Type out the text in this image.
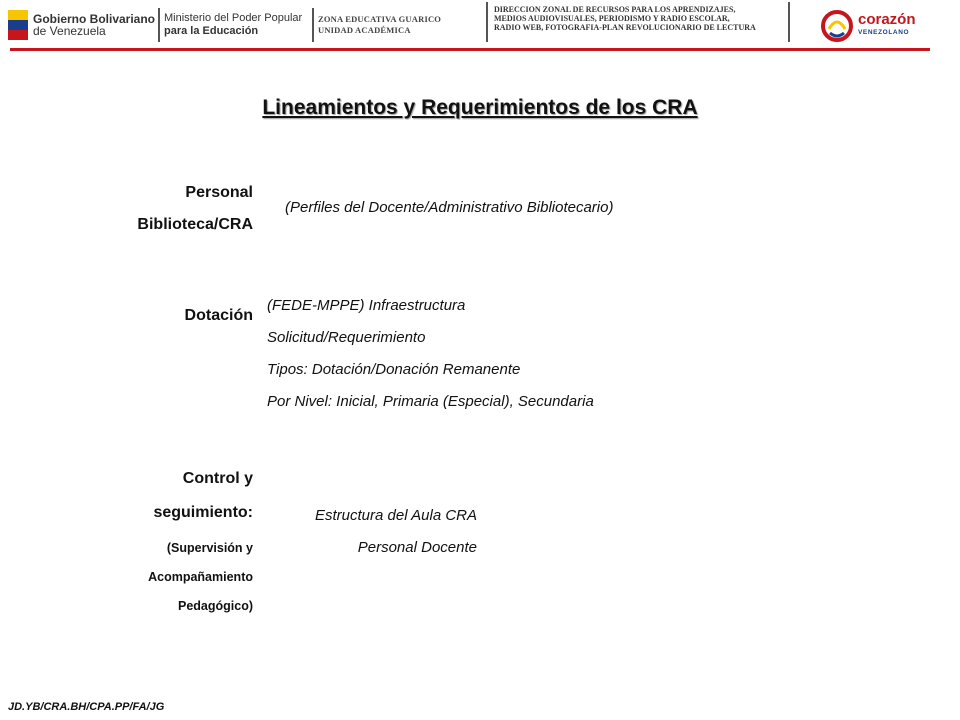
Gobierno Bolivariano
de Venezuela
Ministerio del Poder Popular
para la Educación
ZONA EDUCATIVA GUARICO
UNIDAD ACADÉMICA
DIRECCION ZONAL DE RECURSOS PARA LOS APRENDIZAJES,
MEDIOS AUDIOVISUALES, PERIODISMO Y RADIO ESCOLAR,
RADIO WEB, FOTOGRAFIA-PLAN REVOLUCIONARIO DE LECTURA	corazón
VENEZOLANO
Lineamientos y Requerimientos de los CRA
Personal
Biblioteca/CRA
(Perfiles del Docente/Administrativo Bibliotecario)
Dotación
(FEDE-MPPE) Infraestructura
Solicitud/Requerimiento
Tipos: Dotación/Donación Remanente
Por Nivel: Inicial, Primaria (Especial), Secundaria
Control y
seguimiento:
(Supervisión y
Acompañamiento
Pedagógico)
Estructura del Aula CRA
Personal Docente
JD.YB/CRA.BH/CPA.PP/FA/JG
